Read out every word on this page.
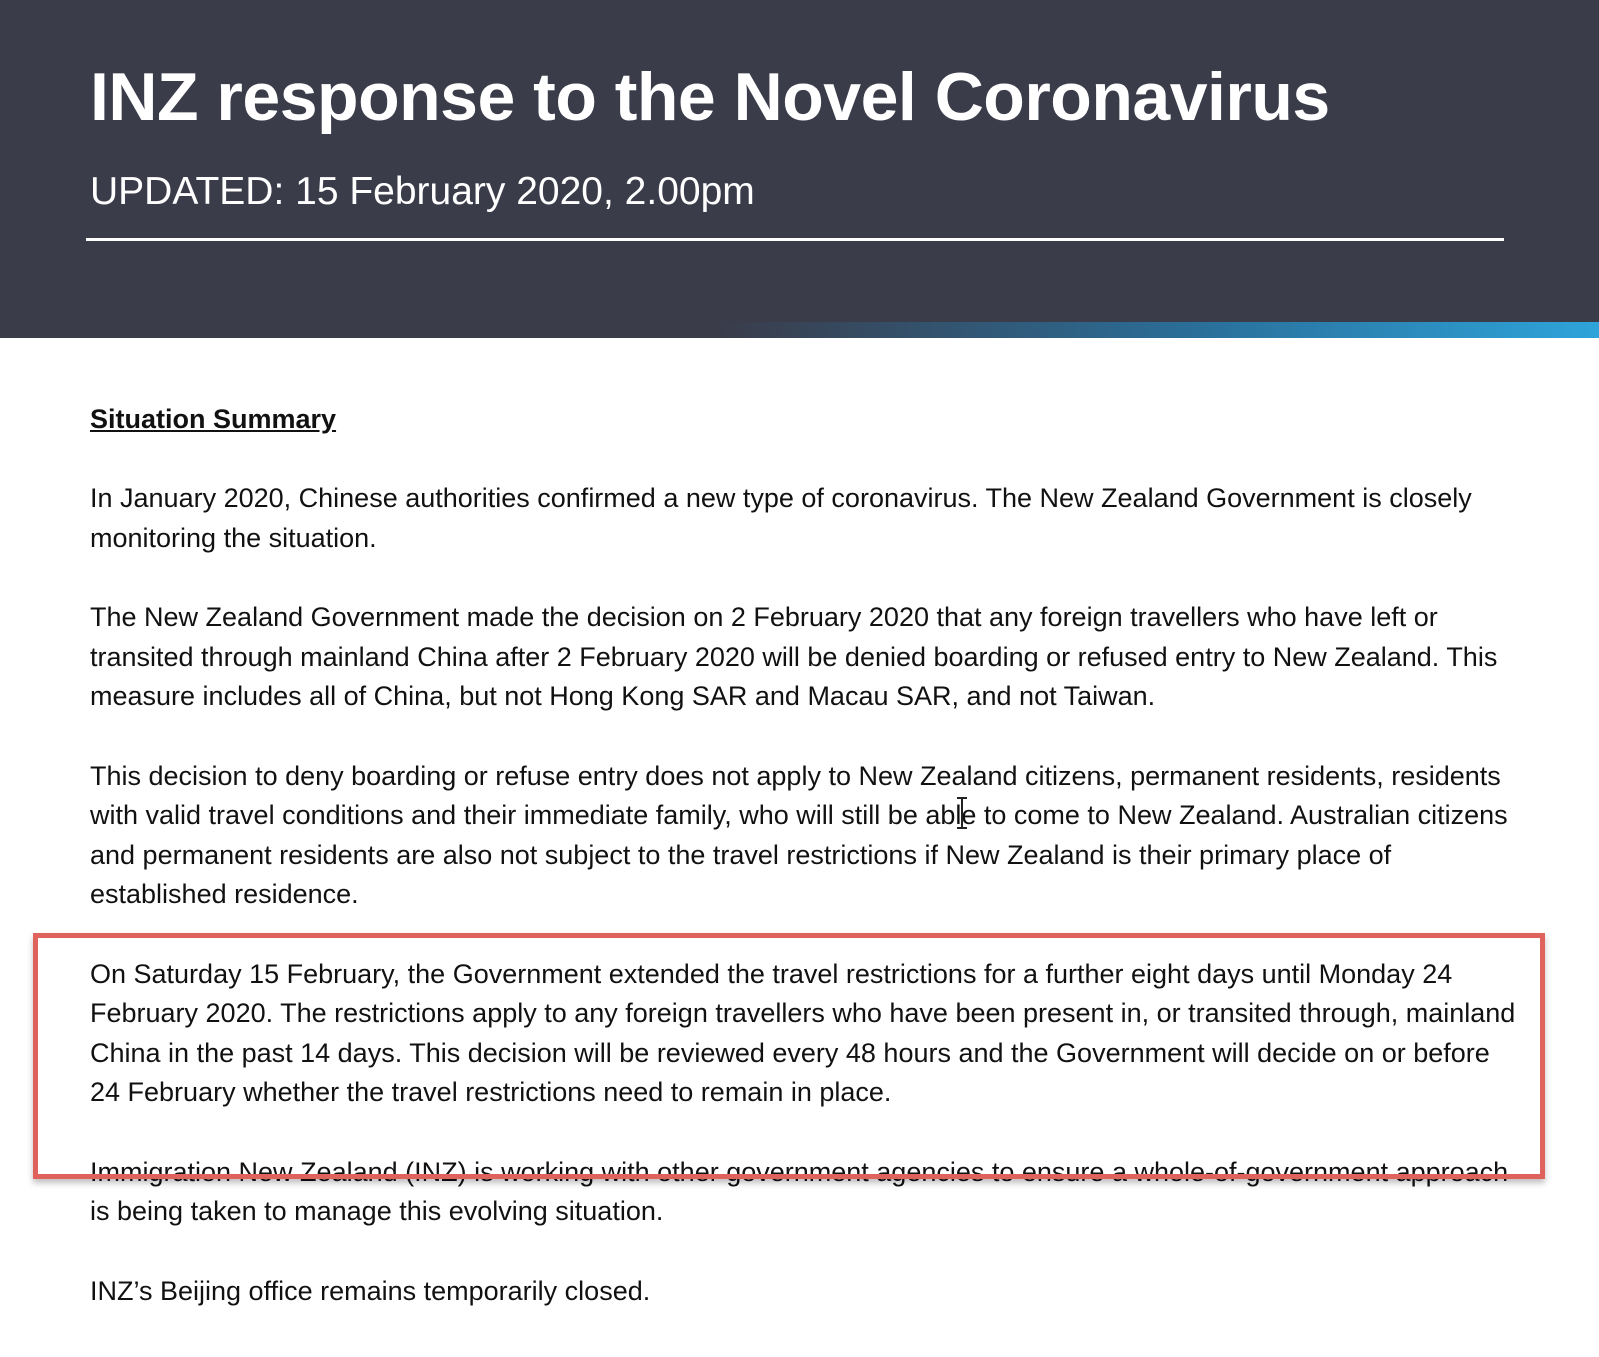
INZ response to the Novel Coronavirus
UPDATED: 15 February 2020, 2.00pm
Situation Summary

In January 2020, Chinese authorities confirmed a new type of coronavirus. The New Zealand Government is closely monitoring the situation.

The New Zealand Government made the decision on 2 February 2020 that any foreign travellers who have left or transited through mainland China after 2 February 2020 will be denied boarding or refused entry to New Zealand. This measure includes all of China, but not Hong Kong SAR and Macau SAR, and not Taiwan.

This decision to deny boarding or refuse entry does not apply to New Zealand citizens, permanent residents, residents with valid travel conditions and their immediate family, who will still be able to come to New Zealand. Australian citizens and permanent residents are also not subject to the travel restrictions if New Zealand is their primary place of established residence.

On Saturday 15 February, the Government extended the travel restrictions for a further eight days until Monday 24 February 2020. The restrictions apply to any foreign travellers who have been present in, or transited through, mainland China in the past 14 days. This decision will be reviewed every 48 hours and the Government will decide on or before 24 February whether the travel restrictions need to remain in place.

Immigration New Zealand (INZ) is working with other government agencies to ensure a whole-of-government approach is being taken to manage this evolving situation.

INZ’s Beijing office remains temporarily closed.
